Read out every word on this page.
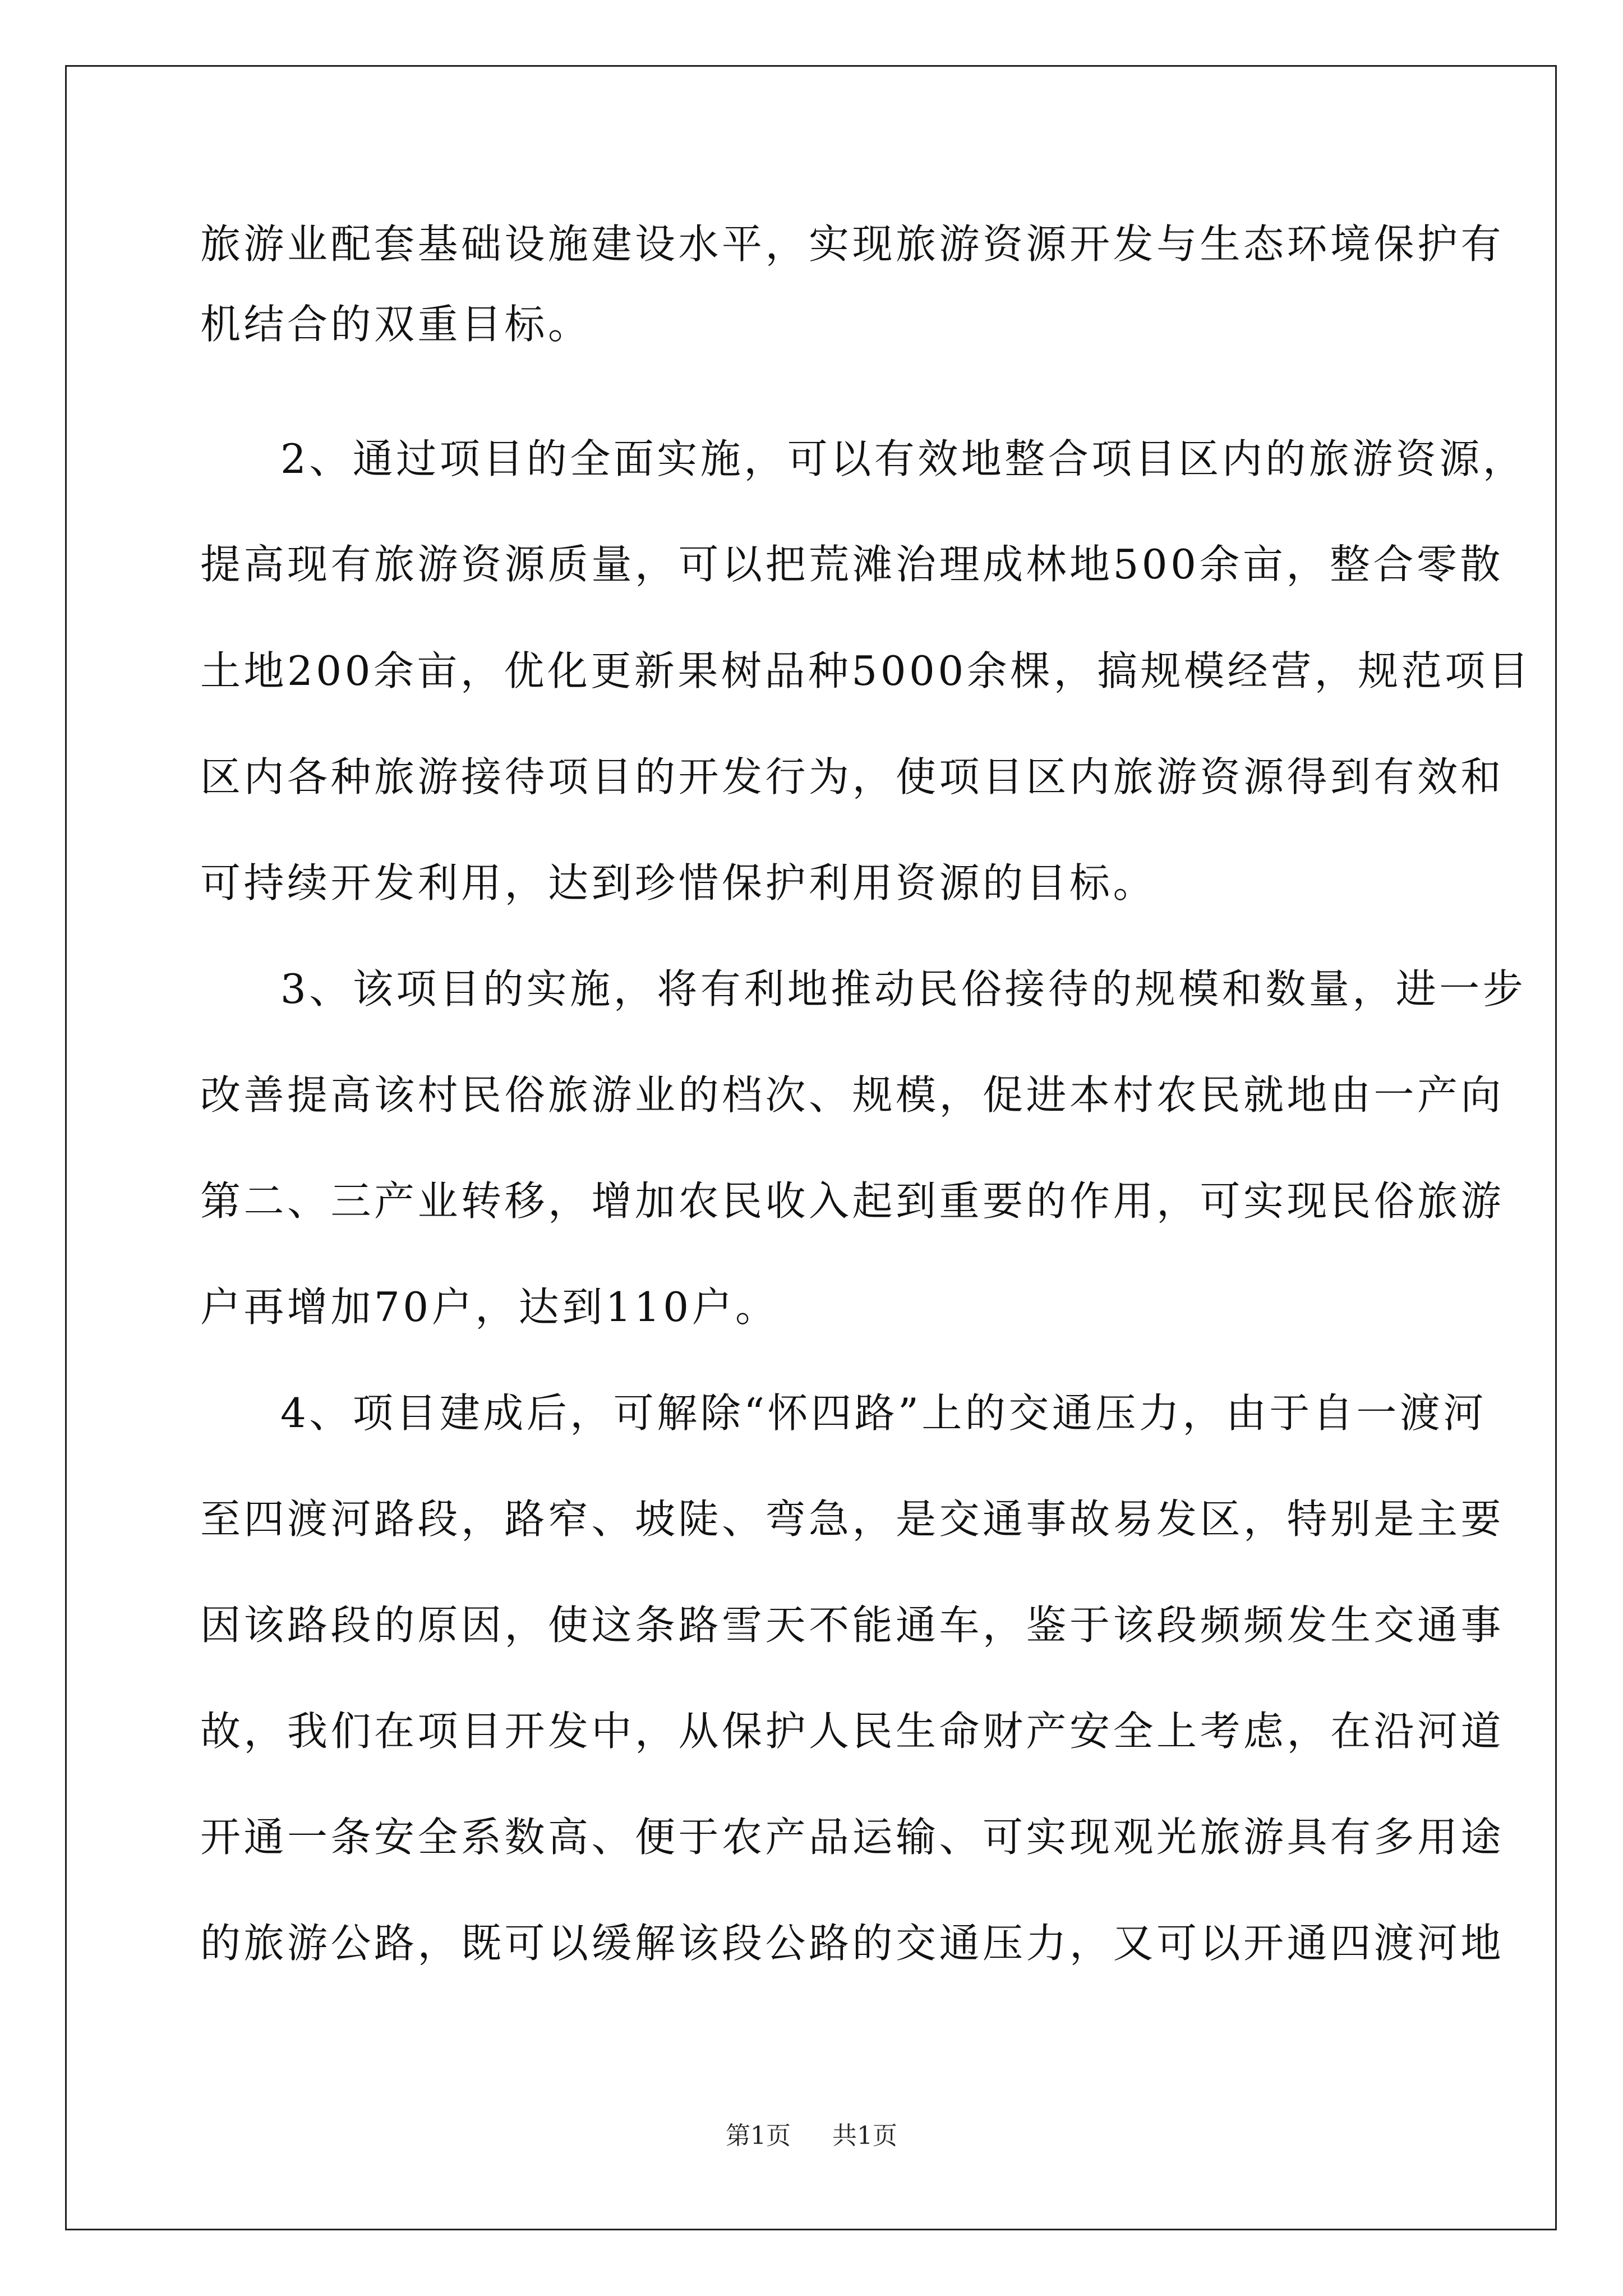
旅游业配套基础设施建设水平，实现旅游资源开发与生态环境保护有
机结合的双重目标。
2、通过项目的全面实施，可以有效地整合项目区内的旅游资源，
提高现有旅游资源质量，可以把荒滩治理成林地500余亩，整合零散
土地200余亩，优化更新果树品种5000余棵，搞规模经营，规范项目
区内各种旅游接待项目的开发行为，使项目区内旅游资源得到有效和
可持续开发利用，达到珍惜保护利用资源的目标。
3、该项目的实施，将有利地推动民俗接待的规模和数量，进一步
改善提高该村民俗旅游业的档次、规模，促进本村农民就地由一产向
第二、三产业转移，增加农民收入起到重要的作用，可实现民俗旅游
户再增加70户，达到110户。
4、项目建成后，可解除“怀四路”上的交通压力，由于自一渡河
至四渡河路段，路窄、坡陡、弯急，是交通事故易发区，特别是主要
因该路段的原因，使这条路雪天不能通车，鉴于该段频频发生交通事
故，我们在项目开发中，从保护人民生命财产安全上考虑，在沿河道
开通一条安全系数高、便于农产品运输、可实现观光旅游具有多用途
的旅游公路，既可以缓解该段公路的交通压力，又可以开通四渡河地
第1页 共1页
